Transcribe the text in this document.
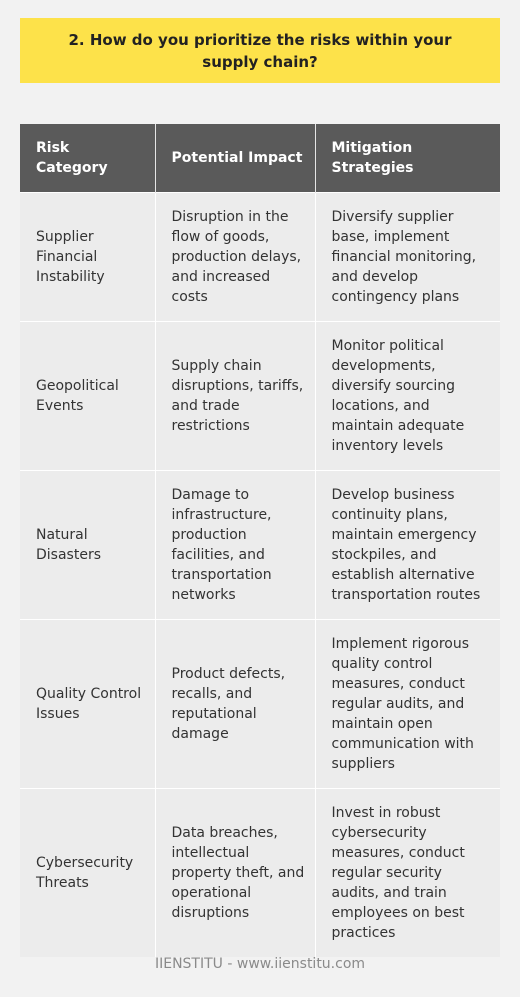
2. How do you prioritize the risks within your supply chain?
Risk Category	Potential Impact	Mitigation Strategies
Supplier Financial Instability	Disruption in the flow of goods, production delays, and increased costs	Diversify supplier base, implement financial monitoring, and develop contingency plans
Geopolitical Events	Supply chain disruptions, tariffs, and trade restrictions	Monitor political developments, diversify sourcing locations, and maintain adequate inventory levels
Natural Disasters	Damage to infrastructure, production facilities, and transportation networks	Develop business continuity plans, maintain emergency stockpiles, and establish alternative transportation routes
Quality Control Issues	Product defects, recalls, and reputational damage	Implement rigorous quality control measures, conduct regular audits, and maintain open communication with suppliers
Cybersecurity Threats	Data breaches, intellectual property theft, and operational disruptions	Invest in robust cybersecurity measures, conduct regular security audits, and train employees on best practices
IIENSTITU - www.iienstitu.com
